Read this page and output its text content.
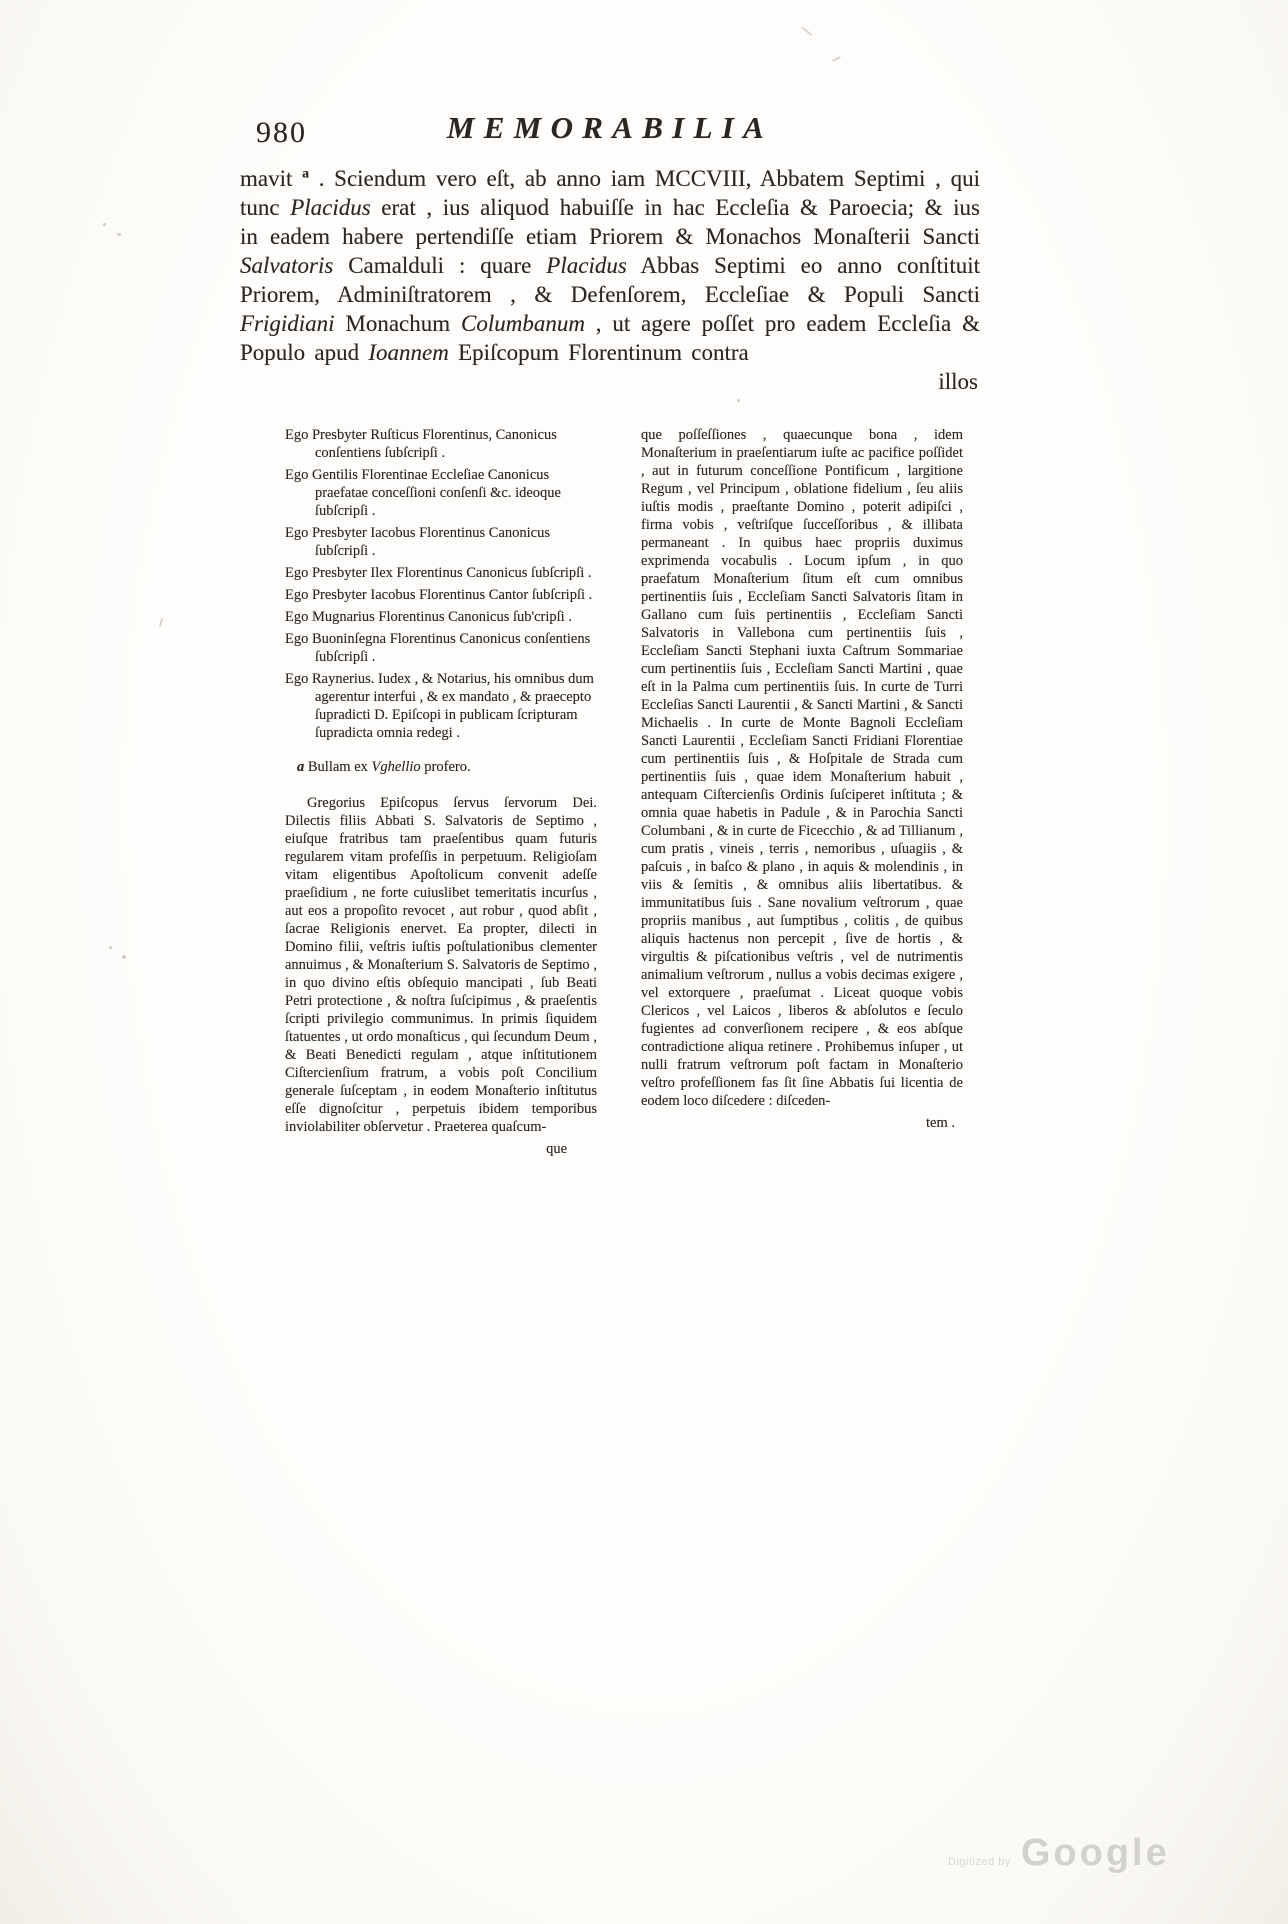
980	MEMORABILIA

mavit $^a$ . Sciendum vero eſt, ab anno iam MCCVIII, Abbatem Septimi , qui tunc Placidus erat , ius aliquod habuiſſe in hac Eccleſia & Paroecia; & ius in eadem habere pertendiſſe etiam Priorem & Monachos Monaſterii Sancti Salvatoris Camalduli : quare Placidus Abbas Septimi eo anno conſtituit Priorem, Adminiſtratorem , & Defenſorem, Eccleſiae & Populi Sancti Frigidiani Monachum Columbanum , ut agere poſſet pro eadem Eccleſia & Populo apud Ioannem Epiſcopum Florentinum contra

illos
Ego Presbyter Ruſticus Florentinus, Canonicus conſentiens ſubſcripſi .
Ego Gentilis Florentinae Eccleſiae Canonicus praefatae conceſſioni conſenſi &c. ideoque ſubſcripſi .
Ego Presbyter Iacobus Florentinus Canonicus ſubſcripſi .
Ego Presbyter Ilex Florentinus Canonicus ſubſcripſi .
Ego Presbyter Iacobus Florentinus Cantor ſubſcripſi .
Ego Mugnarius Florentinus Canonicus ſub'cripſi .
Ego Buoninſegna Florentinus Canonicus conſentiens ſubſcripſi .
Ego Raynerius. Iudex , & Notarius, his omnibus dum agerentur interfui , & ex mandato , & praecepto ſupradicti D. Epiſcopi in publicam ſcripturam ſupradicta omnia redegi .
a Bullam ex Vghellio profero.

Gregorius Epiſcopus ſervus ſervorum Dei. Dilectis filiis Abbati S. Salvatoris de Septimo , eiuſque fratribus tam praeſentibus quam futuris regularem vitam profeſſis in perpetuum. Religioſam vitam eligentibus Apoſtolicum convenit adeſſe praeſidium , ne forte cuiuslibet temeritatis incurſus , aut eos a propoſito revocet , aut robur , quod abſit , ſacrae Religionis enervet. Ea propter, dilecti in Domino filii, veſtris iuſtis poſtulationibus clementer annuimus , & Monaſterium S. Salvatoris de Septimo , in quo divino eſtis obſequio mancipati , ſub Beati Petri protectione , & noſtra ſuſcipimus , & praeſentis ſcripti privilegio communimus. In primis ſiquidem ſtatuentes , ut ordo monaſticus , qui ſecundum Deum , & Beati Benedicti regulam , atque inſtitutionem Ciſtercienſium fratrum, a vobis poſt Concilium generale ſuſceptam , in eodem Monaſterio inſtitutus eſſe dignoſcitur , perpetuis ibidem temporibus inviolabiliter obſervetur . Praeterea quaſcum-

que

que poſſeſſiones , quaecunque bona , idem Monaſterium in praeſentiarum iuſte ac pacifice poſſidet , aut in futurum conceſſione Pontificum , largitione Regum , vel Principum , oblatione fidelium , ſeu aliis iuſtis modis , praeſtante Domino , poterit adipiſci , firma vobis , veſtriſque ſucceſſoribus , & illibata permaneant . In quibus haec propriis duximus exprimenda vocabulis . Locum ipſum , in quo praefatum Monaſterium ſitum eſt cum omnibus pertinentiis ſuis , Eccleſiam Sancti Salvatoris ſitam in Gallano cum ſuis pertinentiis , Eccleſiam Sancti Salvatoris in Vallebona cum pertinentiis ſuis , Eccleſiam Sancti Stephani iuxta Caſtrum Sommariae cum pertinentiis ſuis , Eccleſiam Sancti Martini , quae eſt in la Palma cum pertinentiis ſuis. In curte de Turri Eccleſias Sancti Laurentii , & Sancti Martini , & Sancti Michaelis . In curte de Monte Bagnoli Eccleſiam Sancti Laurentii , Eccleſiam Sancti Fridiani Florentiae cum pertinentiis ſuis , & Hoſpitale de Strada cum pertinentiis ſuis , quae idem Monaſterium habuit , antequam Ciſtercienſis Ordinis ſuſciperet inſtituta ; & omnia quae habetis in Padule , & in Parochia Sancti Columbani , & in curte de Ficecchio , & ad Tillianum , cum pratis , vineis , terris , nemoribus , uſuagiis , & paſcuis , in baſco & plano , in aquis & molendinis , in viis & ſemitis , & omnibus aliis libertatibus. & immunitatibus ſuis . Sane novalium veſtrorum , quae propriis manibus , aut ſumptibus , colitis , de quibus aliquis hactenus non percepit , ſive de hortis , & virgultis & piſcationibus veſtris , vel de nutrimentis animalium veſtrorum , nullus a vobis decimas exigere , vel extorquere , praeſumat . Liceat quoque vobis Clericos , vel Laicos , liberos & abſolutos e ſeculo fugientes ad converſionem recipere , & eos abſque contradictione aliqua retinere . Prohibemus inſuper , ut nulli fratrum veſtrorum poſt factam in Monaſterio veſtro profeſſionem fas ſit ſine Abbatis ſui licentia de eodem loco diſcedere : diſceden-

tem .
Digitized by Google
